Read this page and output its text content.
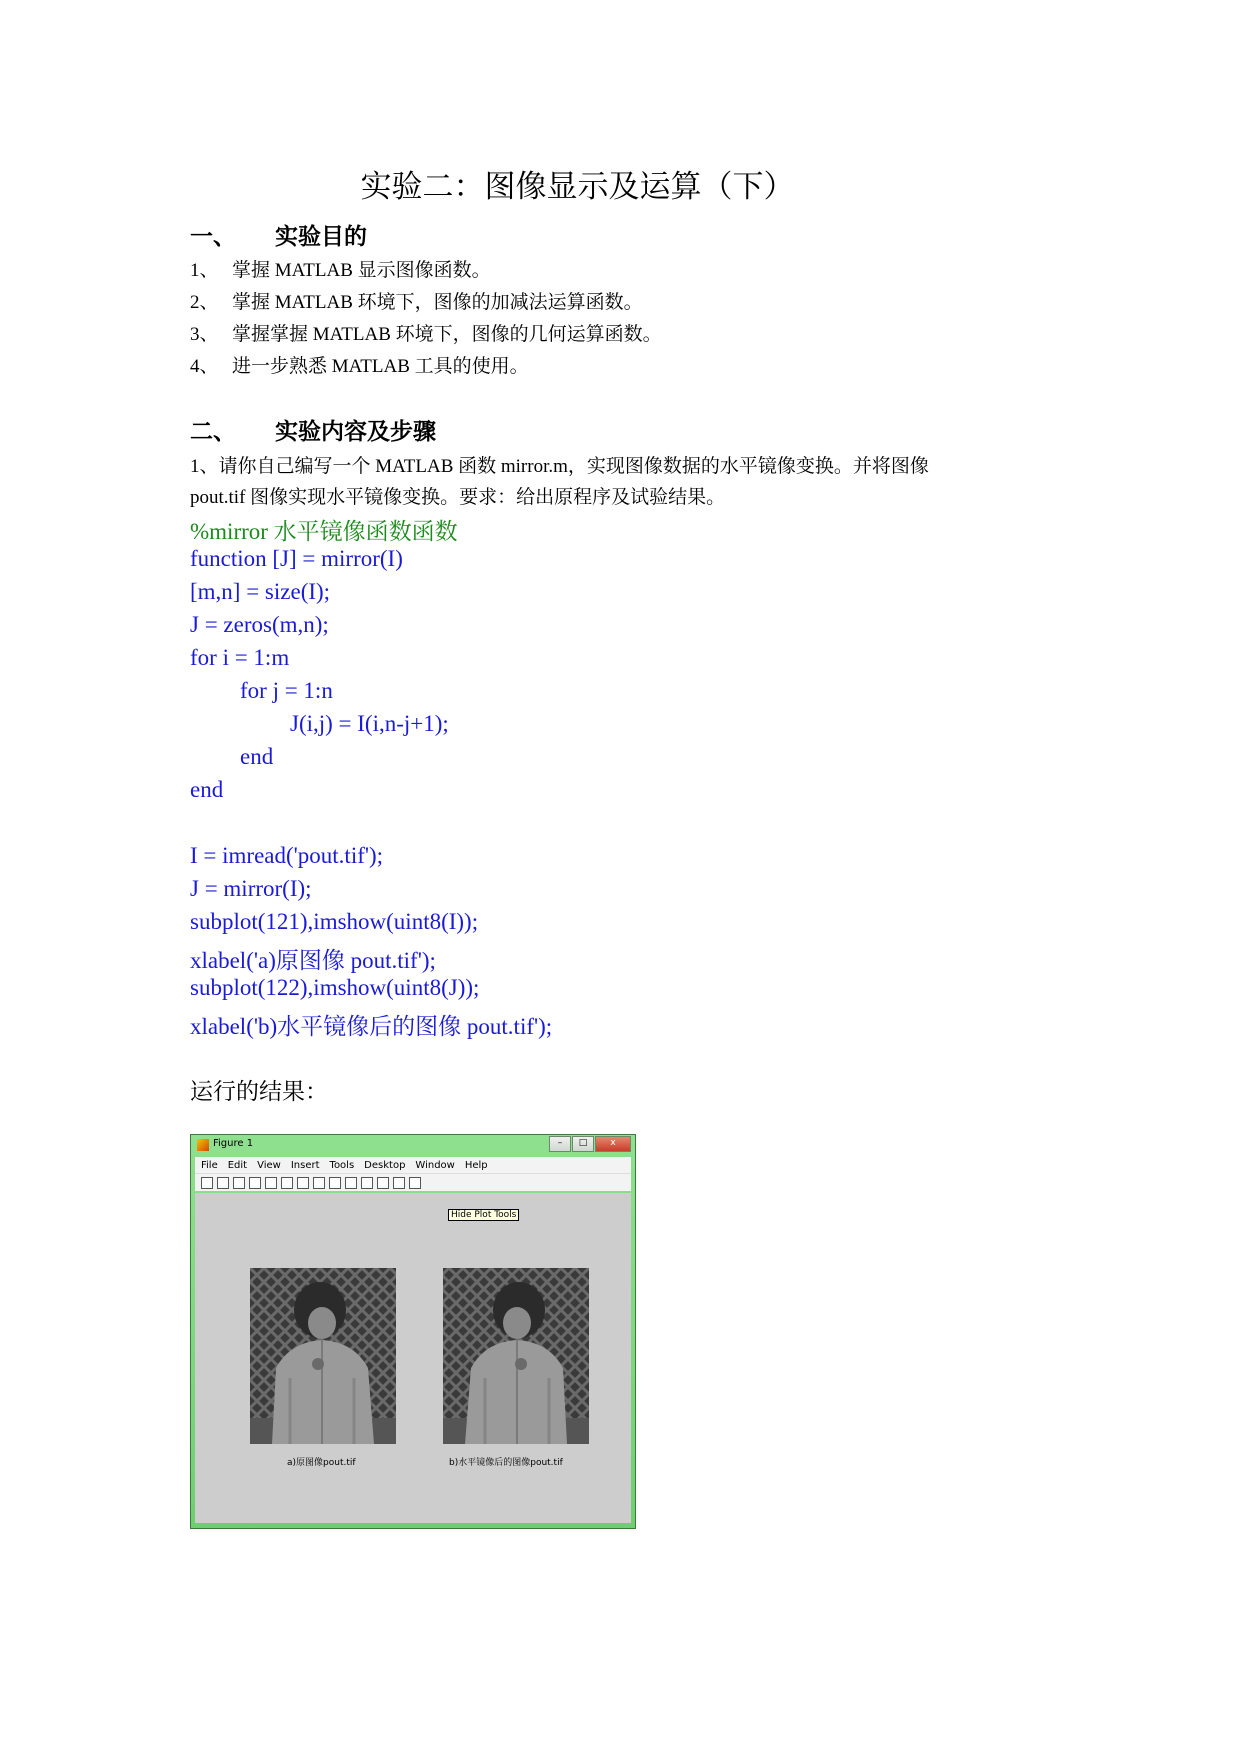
实验二：图像显示及运算（下）
一、 实验目的
1、 掌握 MATLAB 显示图像函数。
2、 掌握 MATLAB 环境下，图像的加减法运算函数。
3、 掌握掌握 MATLAB 环境下，图像的几何运算函数。
4、 进一步熟悉 MATLAB 工具的使用。
二、 实验内容及步骤
1、请你自己编写一个 MATLAB 函数 mirror.m，实现图像数据的水平镜像变换。并将图像
pout.tif 图像实现水平镜像变换。要求：给出原程序及试验结果。
%mirror 水平镜像函数函数
function [J] = mirror(I)
[m,n] = size(I);
J = zeros(m,n);
for i = 1:m
for j = 1:n
J(i,j) = I(i,n-j+1);
end
end
I = imread('pout.tif');
J = mirror(I);
subplot(121),imshow(uint8(I));
xlabel('a)原图像 pout.tif');
subplot(122),imshow(uint8(J));
xlabel('b)水平镜像后的图像 pout.tif');
运行的结果：
Figure 1	–	□	x
File Edit View Insert Tools Desktop Window Help
Hide Plot Tools
a)原图像pout.tif	b)水平镜像后的图像pout.tif
